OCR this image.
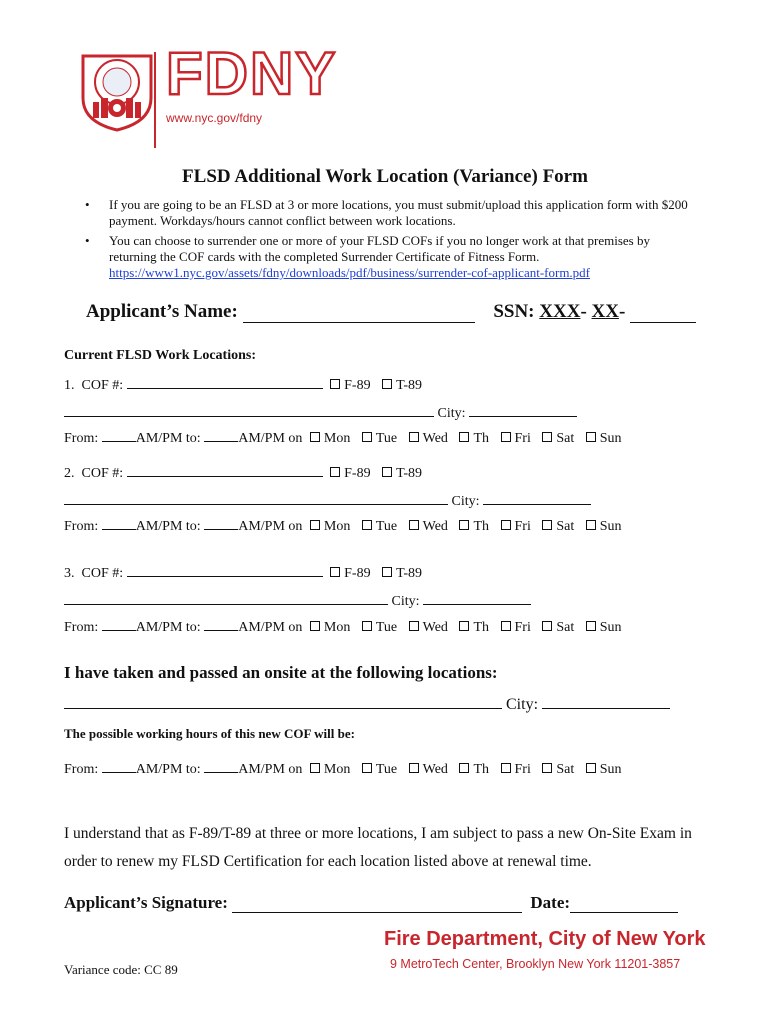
FDNY
www.nyc.gov/fdny
FLSD Additional Work Location (Variance) Form
• If you are going to be an FLSD at 3 or more locations, you must submit/upload this application form with $200 payment. Workdays/hours cannot conflict between work locations.
• You can choose to surrender one or more of your FLSD COFs if you no longer work at that premises by returning the COF cards with the completed Surrender Certificate of Fitness Form.
https://www1.nyc.gov/assets/fdny/downloads/pdf/business/surrender-cof-applicant-form.pdf
Applicant’s Name:	SSN: XXX- XX-
Current FLSD Work Locations:
1. COF #:	F-89 T-89
City:
From:	AM/PM to:	AM/PM on Mon Tue Wed Th Fri Sat Sun
2. COF #:	F-89 T-89
City:
From:	AM/PM to:	AM/PM on Mon Tue Wed Th Fri Sat Sun
3. COF #:	F-89 T-89
City:
From:	AM/PM to:	AM/PM on Mon Tue Wed Th Fri Sat Sun
I have taken and passed an onsite at the following locations:
City:
The possible working hours of this new COF will be:
From:	AM/PM to:	AM/PM on Mon Tue Wed Th Fri Sat Sun
I understand that as F-89/T-89 at three or more locations, I am subject to pass a new On-Site Exam in order to renew my FLSD Certification for each location listed above at renewal time.
Applicant’s Signature:	Date:
Fire Department, City of New York
9 MetroTech Center, Brooklyn New York 11201-3857
Variance code: CC 89
